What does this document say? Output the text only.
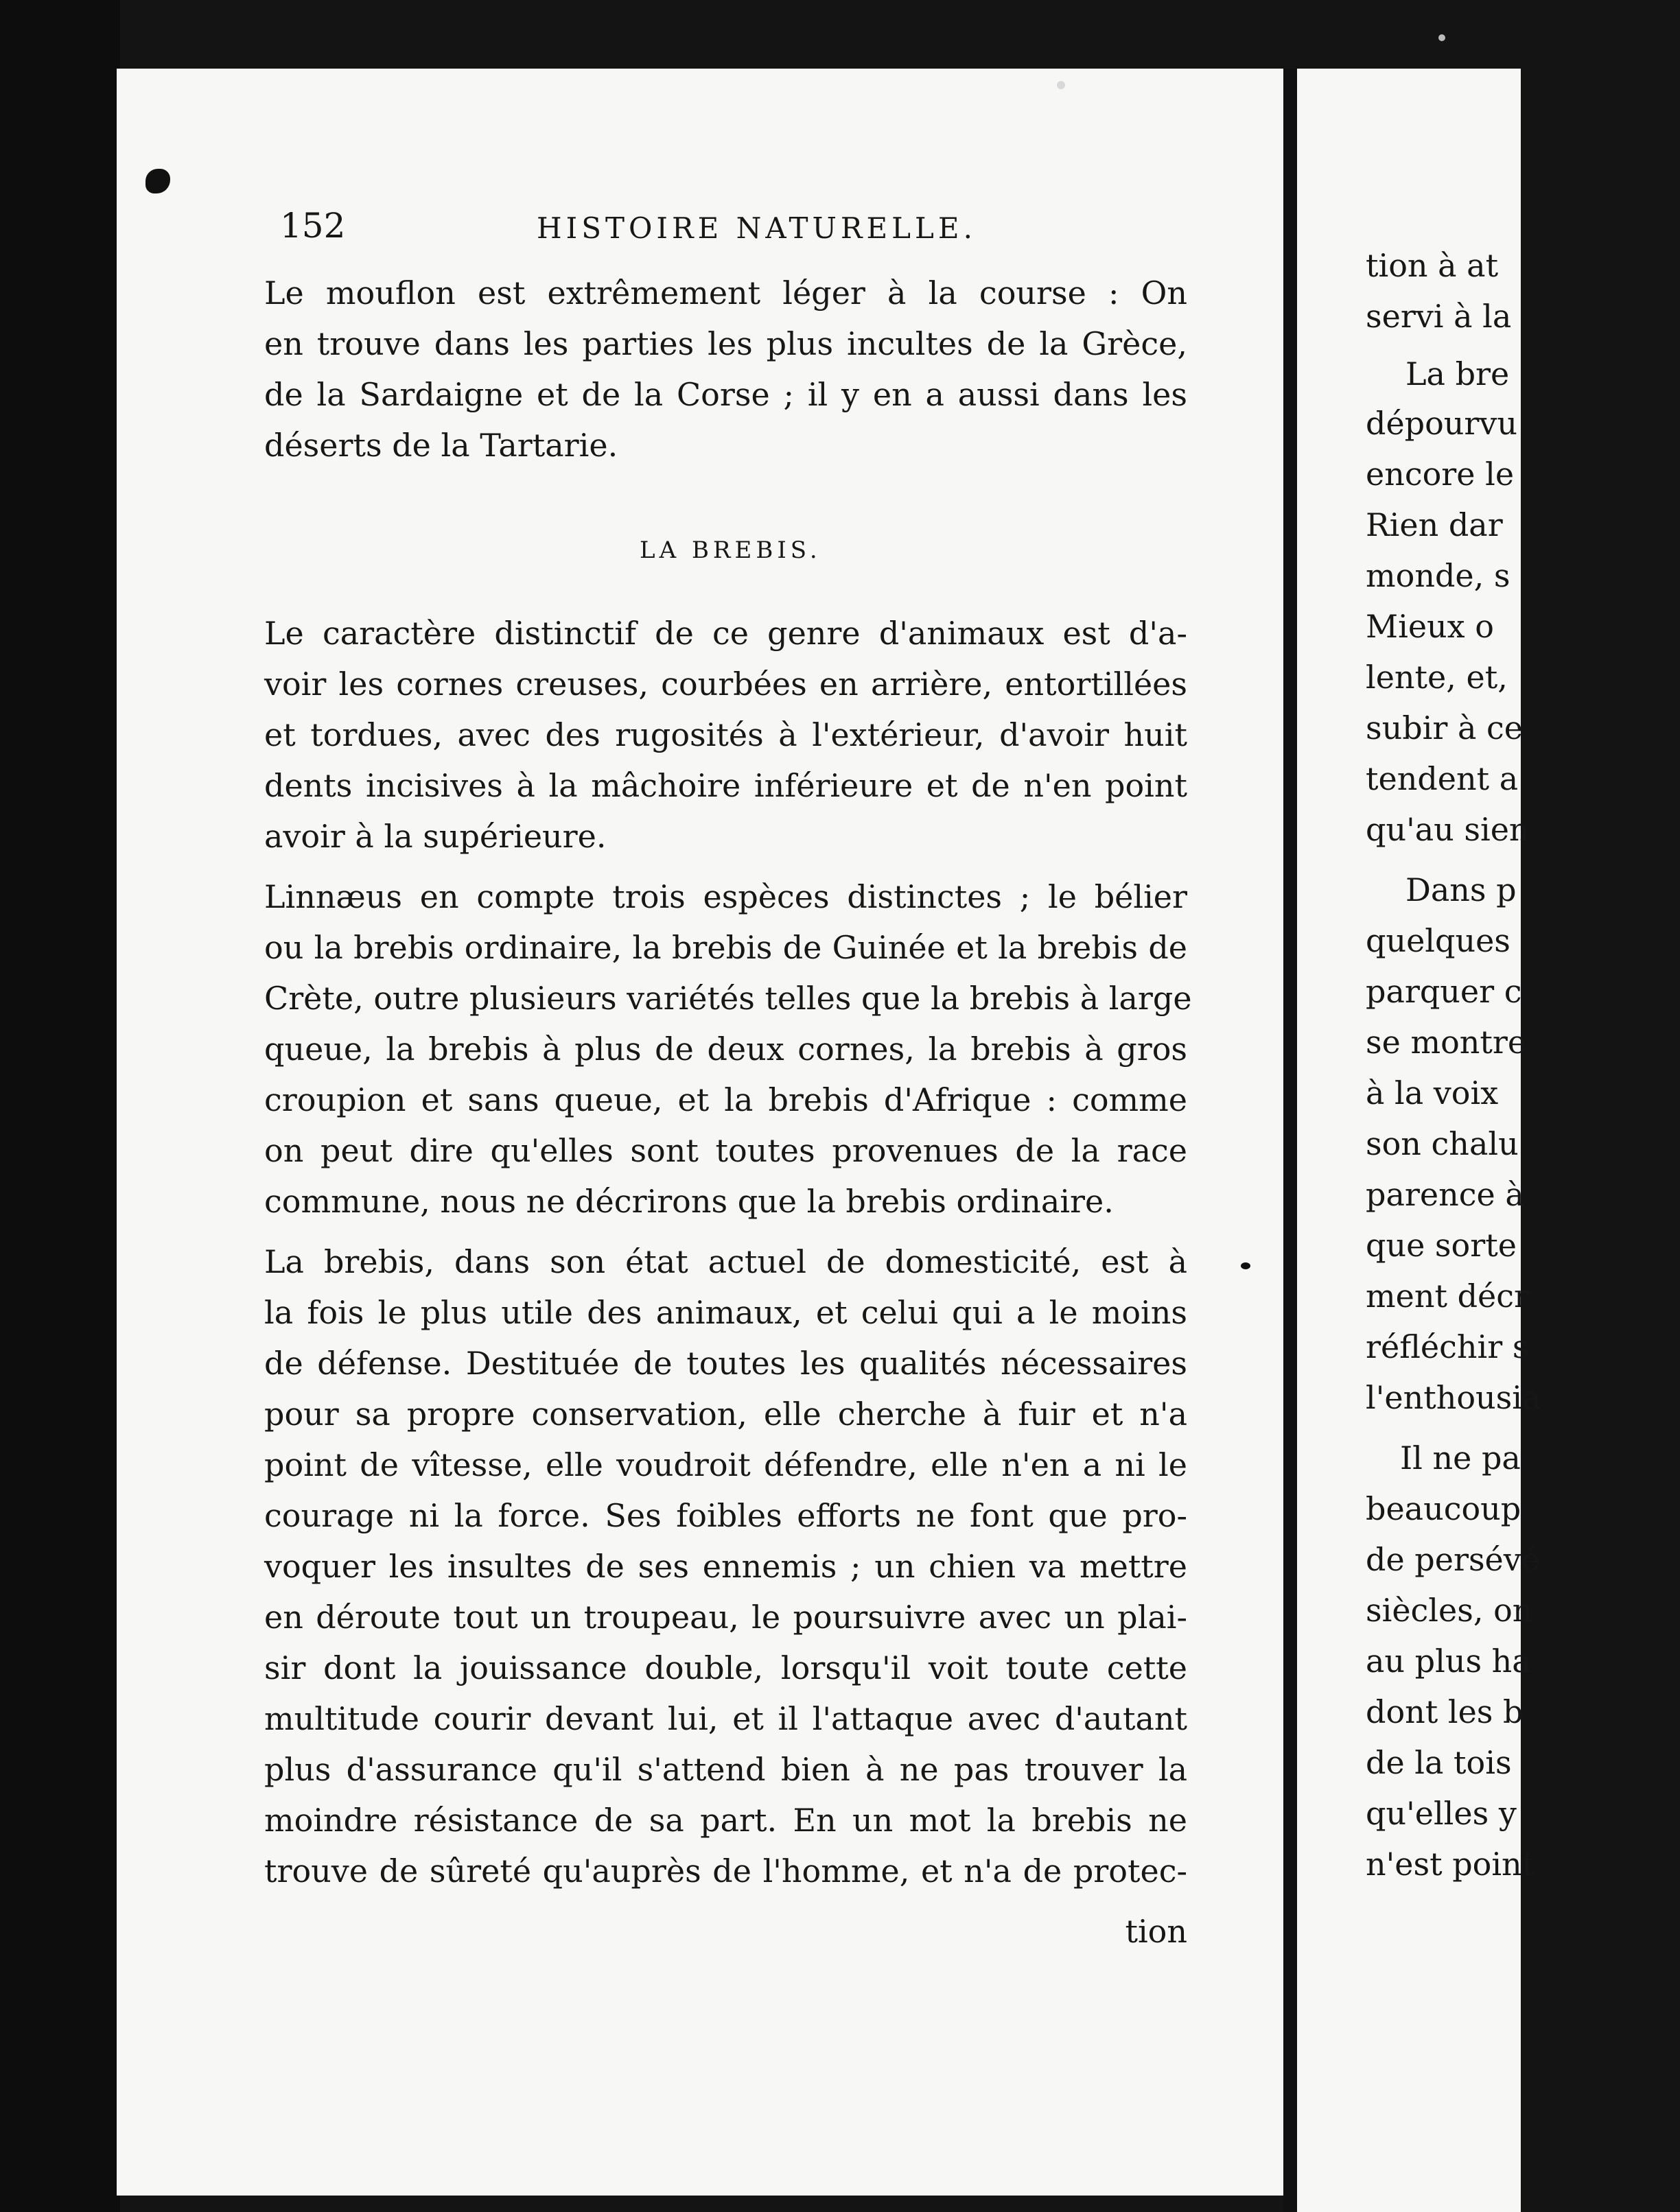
152	HISTOIRE NATURELLE.
Le mouflon est extrêmement léger à la course : On
en trouve dans les parties les plus incultes de la Grèce,
de la Sardaigne et de la Corse ; il y en a aussi dans les
déserts de la Tartarie.
LA BREBIS.
Le caractère distinctif de ce genre d'animaux est d'a-
voir les cornes creuses, courbées en arrière, entortillées
et tordues, avec des rugosités à l'extérieur, d'avoir huit
dents incisives à la mâchoire inférieure et de n'en point
avoir à la supérieure.
Linnæus en compte trois espèces distinctes ; le bélier
ou la brebis ordinaire, la brebis de Guinée et la brebis de
Crète, outre plusieurs variétés telles que la brebis à large
queue, la brebis à plus de deux cornes, la brebis à gros
croupion et sans queue, et la brebis d'Afrique : comme
on peut dire qu'elles sont toutes provenues de la race
commune, nous ne décrirons que la brebis ordinaire.
La brebis, dans son état actuel de domesticité, est à
la fois le plus utile des animaux, et celui qui a le moins
de défense. Destituée de toutes les qualités nécessaires
pour sa propre conservation, elle cherche à fuir et n'a
point de vîtesse, elle voudroit défendre, elle n'en a ni le
courage ni la force. Ses foibles efforts ne font que pro-
voquer les insultes de ses ennemis ; un chien va mettre
en déroute tout un troupeau, le poursuivre avec un plai-
sir dont la jouissance double, lorsqu'il voit toute cette
multitude courir devant lui, et il l'attaque avec d'autant
plus d'assurance qu'il s'attend bien à ne pas trouver la
moindre résistance de sa part. En un mot la brebis ne
trouve de sûreté qu'auprès de l'homme, et n'a de protec-
tion
tion à at
servi à la
La bre
dépourvu
encore le
Rien dar
monde, s
Mieux o
lente, et,
subir à ce
tendent a
qu'au sien
Dans p
quelques
parquer c
se montre
à la voix
son chalu
parence à
que sorte
ment décr
réfléchir s
l'enthousia
Il ne pa
beaucoup
de persévé
siècles, on
au plus ha
dont les b
de la tois
qu'elles y
n'est point
